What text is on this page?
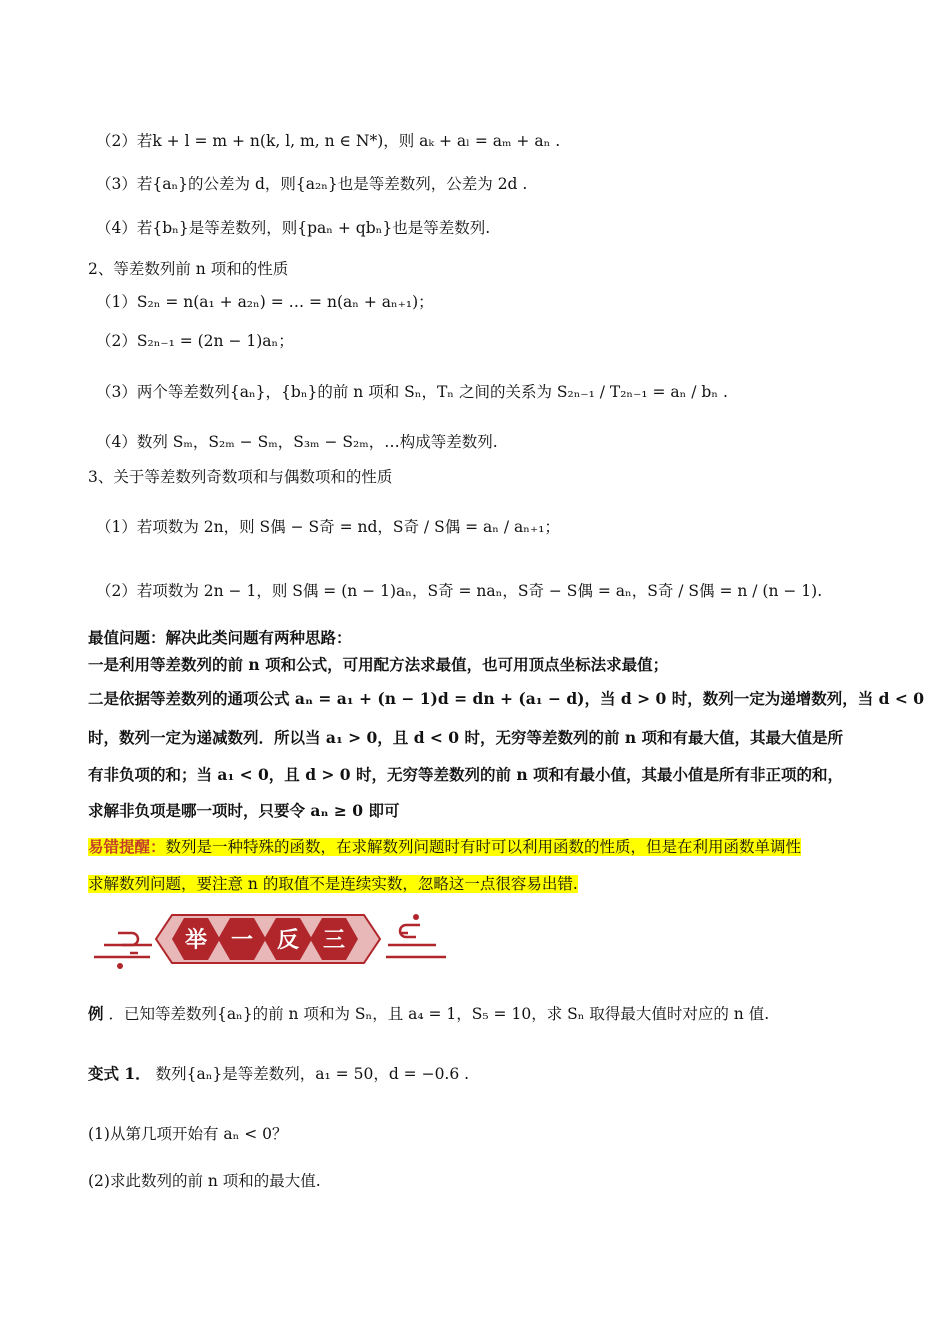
（2）若k + l = m + n(k, l, m, n ∈ N*)，则 aₖ + aₗ = aₘ + aₙ .
（3）若{aₙ}的公差为 d，则{a₂ₙ}也是等差数列，公差为 2d .
（4）若{bₙ}是等差数列，则{paₙ + qbₙ}也是等差数列.
2、等差数列前 n 项和的性质
（1）S₂ₙ = n(a₁ + a₂ₙ) = … = n(aₙ + aₙ₊₁)；
（2）S₂ₙ₋₁ = (2n − 1)aₙ；
（3）两个等差数列{aₙ}，{bₙ}的前 n 项和 Sₙ，Tₙ 之间的关系为 S₂ₙ₋₁ / T₂ₙ₋₁ = aₙ / bₙ .
（4）数列 Sₘ，S₂ₘ − Sₘ，S₃ₘ − S₂ₘ，…构成等差数列.
3、关于等差数列奇数项和与偶数项和的性质
（1）若项数为 2n，则 S偶 − S奇 = nd，S奇 / S偶 = aₙ / aₙ₊₁；
（2）若项数为 2n − 1，则 S偶 = (n − 1)aₙ，S奇 = naₙ，S奇 − S偶 = aₙ，S奇 / S偶 = n / (n − 1).
最值问题：解决此类问题有两种思路：
一是利用等差数列的前 n 项和公式，可用配方法求最值，也可用顶点坐标法求最值；
二是依据等差数列的通项公式 aₙ = a₁ + (n − 1)d = dn + (a₁ − d)，当 d > 0 时，数列一定为递增数列，当 d < 0
时，数列一定为递减数列．所以当 a₁ > 0，且 d < 0 时，无穷等差数列的前 n 项和有最大值，其最大值是所
有非负项的和；当 a₁ < 0，且 d > 0 时，无穷等差数列的前 n 项和有最小值，其最小值是所有非正项的和，
求解非负项是哪一项时，只要令 aₙ ≥ 0 即可
易错提醒：数列是一种特殊的函数，在求解数列问题时有时可以利用函数的性质，但是在利用函数单调性
求解数列问题，要注意 n 的取值不是连续实数，忽略这一点很容易出错.
举 一 反 三
例 ．已知等差数列{aₙ}的前 n 项和为 Sₙ，且 a₄ = 1，S₅ = 10，求 Sₙ 取得最大值时对应的 n 值.
变式 1． 数列{aₙ}是等差数列，a₁ = 50，d = −0.6 .
(1)从第几项开始有 aₙ < 0？
(2)求此数列的前 n 项和的最大值.
